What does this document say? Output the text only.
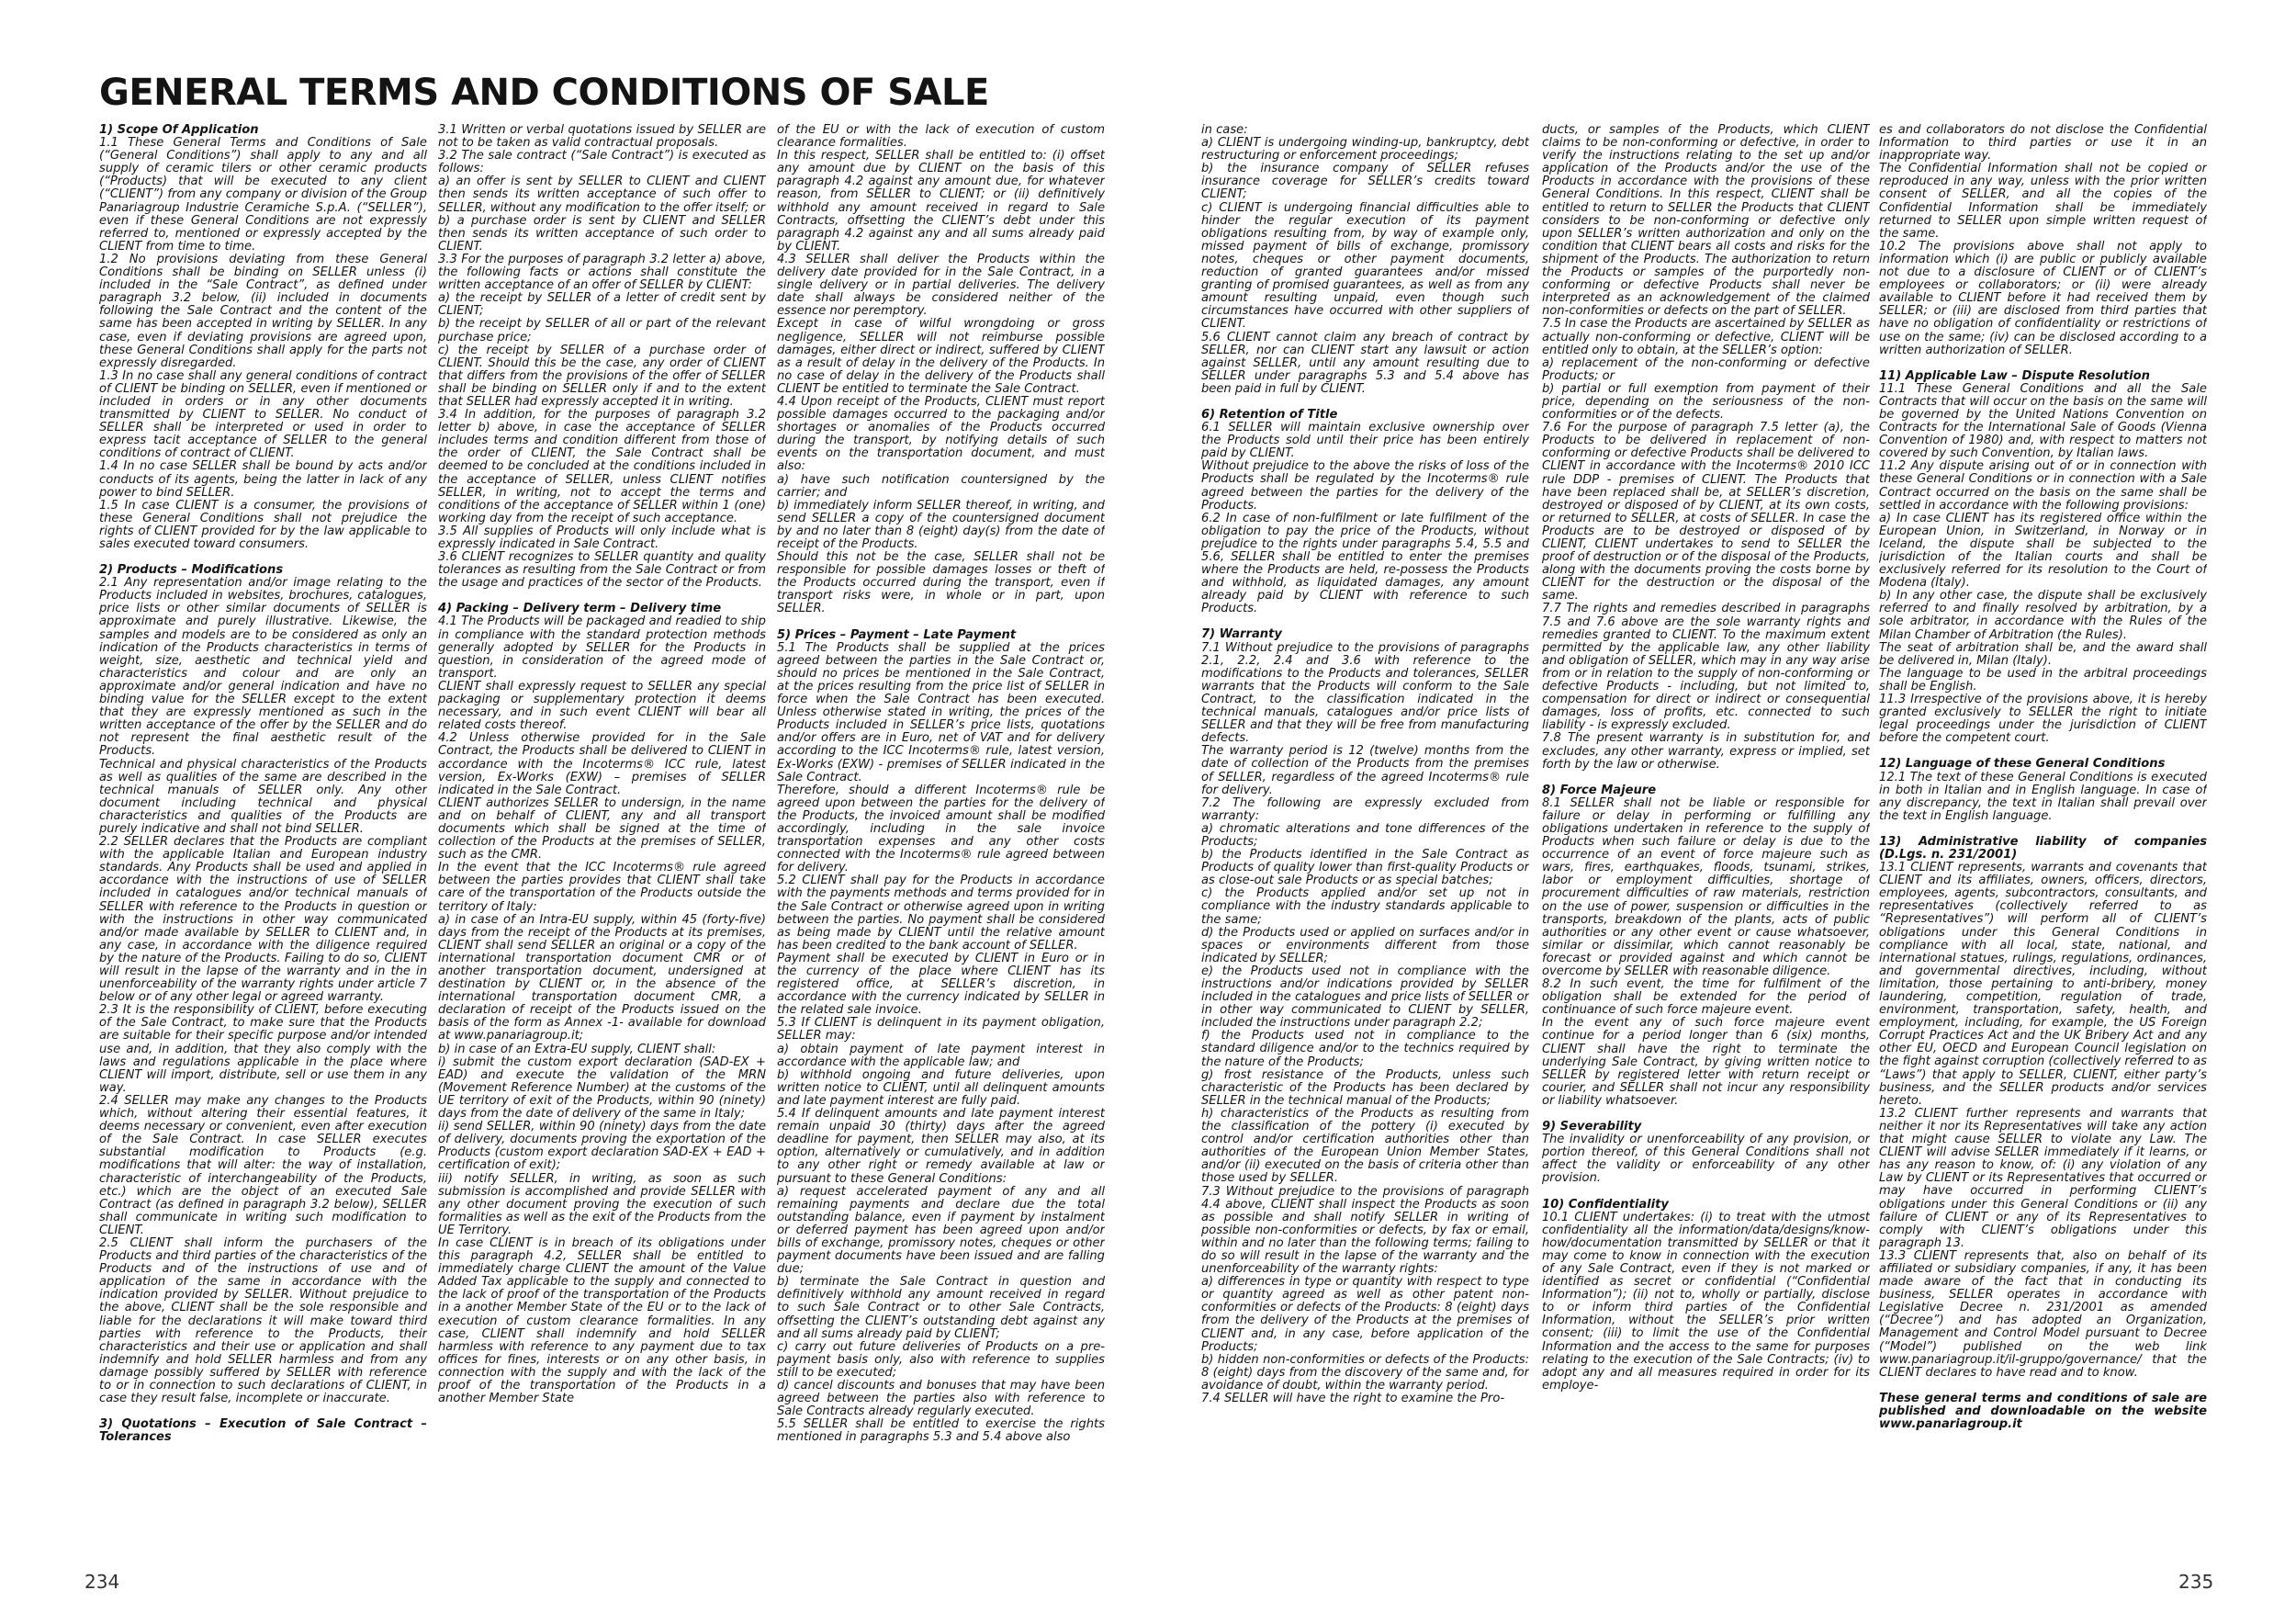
GENERAL TERMS AND CONDITIONS OF SALE
1) Scope Of Application

1.1 These General Terms and Conditions of Sale (“General Conditions”) shall apply to any and all supply of ceramic tilers or other ceramic products (“Products) that will be executed to any client (“CLIENT”) from any company or division of the Group Panariagroup Industrie Ceramiche S.p.A. (“SELLER”), even if these General Conditions are not expressly referred to, mentioned or expressly accepted by the CLIENT from time to time.

1.2 No provisions deviating from these General Conditions shall be binding on SELLER unless (i) included in the “Sale Contract”, as defined under paragraph 3.2 below, (ii) included in documents following the Sale Contract and the content of the same has been accepted in writing by SELLER. In any case, even if deviating provisions are agreed upon, these General Conditions shall apply for the parts not expressly disregarded.

1.3 In no case shall any general conditions of contract of CLIENT be binding on SELLER, even if mentioned or included in orders or in any other documents transmitted by CLIENT to SELLER. No conduct of SELLER shall be interpreted or used in order to express tacit acceptance of SELLER to the general conditions of contract of CLIENT.

1.4 In no case SELLER shall be bound by acts and/or conducts of its agents, being the latter in lack of any power to bind SELLER.

1.5 In case CLIENT is a consumer, the provisions of these General Conditions shall not prejudice the rights of CLIENT provided for by the law applicable to sales executed toward consumers.

2) Products – Modifications

2.1 Any representation and/or image relating to the Products included in websites, brochures, catalogues, price lists or other similar documents of SELLER is approximate and purely illustrative. Likewise, the samples and models are to be considered as only an indication of the Products characteristics in terms of weight, size, aesthetic and technical yield and characteristics and colour and are only an approximate and/or general indication and have no binding value for the SELLER except to the extent that they are expressly mentioned as such in the written acceptance of the offer by the SELLER and do not represent the final aesthetic result of the Products.

Technical and physical characteristics of the Products as well as qualities of the same are described in the technical manuals of SELLER only. Any other document including technical and physical characteristics and qualities of the Products are purely indicative and shall not bind SELLER.

2.2 SELLER declares that the Products are compliant with the applicable Italian and European industry standards. Any Products shall be used and applied in accordance with the instructions of use of SELLER included in catalogues and/or technical manuals of SELLER with reference to the Products in question or with the instructions in other way communicated and/or made available by SELLER to CLIENT and, in any case, in accordance with the diligence required by the nature of the Products. Failing to do so, CLIENT will result in the lapse of the warranty and in the in unenforceability of the warranty rights under article 7 below or of any other legal or agreed warranty.

2.3 It is the responsibility of CLIENT, before executing of the Sale Contract, to make sure that the Products are suitable for their specific purpose and/or intended use and, in addition, that they also comply with the laws and regulations applicable in the place where CLIENT will import, distribute, sell or use them in any way.

2.4 SELLER may make any changes to the Products which, without altering their essential features, it deems necessary or convenient, even after execution of the Sale Contract. In case SELLER executes substantial modification to Products (e.g. modifications that will alter: the way of installation, characteristic of interchangeability of the Products, etc.) which are the object of an executed Sale Contract (as defined in paragraph 3.2 below), SELLER shall communicate in writing such modification to CLIENT.

2.5 CLIENT shall inform the purchasers of the Products and third parties of the characteristics of the Products and of the instructions of use and of application of the same in accordance with the indication provided by SELLER. Without prejudice to the above, CLIENT shall be the sole responsible and liable for the declarations it will make toward third parties with reference to the Products, their characteristics and their use or application and shall indemnify and hold SELLER harmless and from any damage possibly suffered by SELLER with reference to or in connection to such declarations of CLIENT, in case they result false, incomplete or inaccurate.

3) Quotations – Execution of Sale Contract – Tolerances

3.1 Written or verbal quotations issued by SELLER are not to be taken as valid contractual proposals.

3.2 The sale contract (“Sale Contract”) is executed as follows:

a) an offer is sent by SELLER to CLIENT and CLIENT then sends its written acceptance of such offer to SELLER, without any modification to the offer itself; or

b) a purchase order is sent by CLIENT and SELLER then sends its written acceptance of such order to CLIENT.

3.3 For the purposes of paragraph 3.2 letter a) above, the following facts or actions shall constitute the written acceptance of an offer of SELLER by CLIENT:

a) the receipt by SELLER of a letter of credit sent by CLIENT;

b) the receipt by SELLER of all or part of the relevant purchase price;

c) the receipt by SELLER of a purchase order of CLIENT. Should this be the case, any order of CLIENT that differs from the provisions of the offer of SELLER shall be binding on SELLER only if and to the extent that SELLER had expressly accepted it in writing.

3.4 In addition, for the purposes of paragraph 3.2 letter b) above, in case the acceptance of SELLER includes terms and condition different from those of the order of CLIENT, the Sale Contract shall be deemed to be concluded at the conditions included in the acceptance of SELLER, unless CLIENT notifies SELLER, in writing, not to accept the terms and conditions of the acceptance of SELLER within 1 (one) working day from the receipt of such acceptance.

3.5 All supplies of Products will only include what is expressly indicated in Sale Contract.

3.6 CLIENT recognizes to SELLER quantity and quality tolerances as resulting from the Sale Contract or from the usage and practices of the sector of the Products.

4) Packing – Delivery term – Delivery time

4.1 The Products will be packaged and readied to ship in compliance with the standard protection methods generally adopted by SELLER for the Products in question, in consideration of the agreed mode of transport.

CLIENT shall expressly request to SELLER any special packaging or supplementary protection it deems necessary, and in such event CLIENT will bear all related costs thereof.

4.2 Unless otherwise provided for in the Sale Contract, the Products shall be delivered to CLIENT in accordance with the Incoterms® ICC rule, latest version, Ex-Works (EXW) – premises of SELLER indicated in the Sale Contract.

CLIENT authorizes SELLER to undersign, in the name and on behalf of CLIENT, any and all transport documents which shall be signed at the time of collection of the Products at the premises of SELLER, such as the CMR.

In the event that the ICC Incoterms® rule agreed between the parties provides that CLIENT shall take care of the transportation of the Products outside the territory of Italy:

a) in case of an Intra-EU supply, within 45 (forty-five) days from the receipt of the Products at its premises, CLIENT shall send SELLER an original or a copy of the international transportation document CMR or of another transportation document, undersigned at destination by CLIENT or, in the absence of the international transportation document CMR, a declaration of receipt of the Products issued on the basis of the form as Annex -1- available for download at www.panariagroup.it;

b) in case of an Extra-EU supply, CLIENT shall:

i) submit the custom export declaration (SAD-EX + EAD) and execute the validation of the MRN (Movement Reference Number) at the customs of the UE territory of exit of the Products, within 90 (ninety) days from the date of delivery of the same in Italy;

ii) send SELLER, within 90 (ninety) days from the date of delivery, documents proving the exportation of the Products (custom export declaration SAD-EX + EAD + certification of exit);

iii) notify SELLER, in writing, as soon as such submission is accomplished and provide SELLER with any other document proving the execution of such formalities as well as the exit of the Products from the UE Territory.

In case CLIENT is in breach of its obligations under this paragraph 4.2, SELLER shall be entitled to immediately charge CLIENT the amount of the Value Added Tax applicable to the supply and connected to the lack of proof of the transportation of the Products in a another Member State of the EU or to the lack of execution of custom clearance formalities. In any case, CLIENT shall indemnify and hold SELLER harmless with reference to any payment due to tax offices for fines, interests or on any other basis, in connection with the supply and with the lack of the proof of the transportation of the Products in a another Member State

of the EU or with the lack of execution of custom clearance formalities.

In this respect, SELLER shall be entitled to: (i) offset any amount due by CLIENT on the basis of this paragraph 4.2 against any amount due, for whatever reason, from SELLER to CLIENT; or (ii) definitively withhold any amount received in regard to Sale Contracts, offsetting the CLIENT’s debt under this paragraph 4.2 against any and all sums already paid by CLIENT.

4.3 SELLER shall deliver the Products within the delivery date provided for in the Sale Contract, in a single delivery or in partial deliveries. The delivery date shall always be considered neither of the essence nor peremptory.

Except in case of wilful wrongdoing or gross negligence, SELLER will not reimburse possible damages, either direct or indirect, suffered by CLIENT as a result of delay in the delivery of the Products. In no case of delay in the delivery of the Products shall CLIENT be entitled to terminate the Sale Contract.

4.4 Upon receipt of the Products, CLIENT must report possible damages occurred to the packaging and/or shortages or anomalies of the Products occurred during the transport, by notifying details of such events on the transportation document, and must also:

a) have such notification countersigned by the carrier; and

b) immediately inform SELLER thereof, in writing, and send SELLER a copy of the countersigned document by and no later than 8 (eight) day(s) from the date of receipt of the Products.

Should this not be the case, SELLER shall not be responsible for possible damages losses or theft of the Products occurred during the transport, even if transport risks were, in whole or in part, upon SELLER.

5) Prices – Payment – Late Payment

5.1 The Products shall be supplied at the prices agreed between the parties in the Sale Contract or, should no prices be mentioned in the Sale Contract, at the prices resulting from the price list of SELLER in force when the Sale Contract has been executed. Unless otherwise stated in writing, the prices of the Products included in SELLER’s price lists, quotations and/or offers are in Euro, net of VAT and for delivery according to the ICC Incoterms® rule, latest version, Ex-Works (EXW) - premises of SELLER indicated in the Sale Contract.

Therefore, should a different Incoterms® rule be agreed upon between the parties for the delivery of the Products, the invoiced amount shall be modified accordingly, including in the sale invoice transportation expenses and any other costs connected with the Incoterms® rule agreed between for delivery.

5.2 CLIENT shall pay for the Products in accordance with the payments methods and terms provided for in the Sale Contract or otherwise agreed upon in writing between the parties. No payment shall be considered as being made by CLIENT until the relative amount has been credited to the bank account of SELLER.

Payment shall be executed by CLIENT in Euro or in the currency of the place where CLIENT has its registered office, at SELLER’s discretion, in accordance with the currency indicated by SELLER in the related sale invoice.

5.3 If CLIENT is delinquent in its payment obligation, SELLER may:

a) obtain payment of late payment interest in accordance with the applicable law; and

b) withhold ongoing and future deliveries, upon written notice to CLIENT, until all delinquent amounts and late payment interest are fully paid.

5.4 If delinquent amounts and late payment interest remain unpaid 30 (thirty) days after the agreed deadline for payment, then SELLER may also, at its option, alternatively or cumulatively, and in addition to any other right or remedy available at law or pursuant to these General Conditions:

a) request accelerated payment of any and all remaining payments and declare due the total outstanding balance, even if payment by instalment or deferred payment has been agreed upon and/or bills of exchange, promissory notes, cheques or other payment documents have been issued and are falling due;

b) terminate the Sale Contract in question and definitively withhold any amount received in regard to such Sale Contract or to other Sale Contracts, offsetting the CLIENT’s outstanding debt against any and all sums already paid by CLIENT;

c) carry out future deliveries of Products on a pre-payment basis only, also with reference to supplies still to be executed;

d) cancel discounts and bonuses that may have been agreed between the parties also with reference to Sale Contracts already regularly executed.

5.5 SELLER shall be entitled to exercise the rights mentioned in paragraphs 5.3 and 5.4 above also

in case:

a) CLIENT is undergoing winding-up, bankruptcy, debt restructuring or enforcement proceedings;

b) the insurance company of SELLER refuses insurance coverage for SELLER’s credits toward CLIENT;

c) CLIENT is undergoing financial difficulties able to hinder the regular execution of its payment obligations resulting from, by way of example only, missed payment of bills of exchange, promissory notes, cheques or other payment documents, reduction of granted guarantees and/or missed granting of promised guarantees, as well as from any amount resulting unpaid, even though such circumstances have occurred with other suppliers of CLIENT.

5.6 CLIENT cannot claim any breach of contract by SELLER, nor can CLIENT start any lawsuit or action against SELLER, until any amount resulting due to SELLER under paragraphs 5.3 and 5.4 above has been paid in full by CLIENT.

6) Retention of Title

6.1 SELLER will maintain exclusive ownership over the Products sold until their price has been entirely paid by CLIENT.

Without prejudice to the above the risks of loss of the Products shall be regulated by the Incoterms® rule agreed between the parties for the delivery of the Products.

6.2 In case of non-fulfilment or late fulfilment of the obligation to pay the price of the Products, without prejudice to the rights under paragraphs 5.4, 5.5 and 5.6, SELLER shall be entitled to enter the premises where the Products are held, re-possess the Products and withhold, as liquidated damages, any amount already paid by CLIENT with reference to such Products.

7) Warranty

7.1 Without prejudice to the provisions of paragraphs 2.1, 2.2, 2.4 and 3.6 with reference to the modifications to the Products and tolerances, SELLER warrants that the Products will conform to the Sale Contract, to the classification indicated in the technical manuals, catalogues and/or price lists of SELLER and that they will be free from manufacturing defects.

The warranty period is 12 (twelve) months from the date of collection of the Products from the premises of SELLER, regardless of the agreed Incoterms® rule for delivery.

7.2 The following are expressly excluded from warranty:

a) chromatic alterations and tone differences of the Products;

b) the Products identified in the Sale Contract as Products of quality lower than first-quality Products or as close-out sale Products or as special batches;

c) the Products applied and/or set up not in compliance with the industry standards applicable to the same;

d) the Products used or applied on surfaces and/or in spaces or environments different from those indicated by SELLER;

e) the Products used not in compliance with the instructions and/or indications provided by SELLER included in the catalogues and price lists of SELLER or in other way communicated to CLIENT by SELLER, included the instructions under paragraph 2.2;

f) the Products used not in compliance to the standard diligence and/or to the technics required by the nature of the Products;

g) frost resistance of the Products, unless such characteristic of the Products has been declared by SELLER in the technical manual of the Products;

h) characteristics of the Products as resulting from the classification of the pottery (i) executed by control and/or certification authorities other than authorities of the European Union Member States, and/or (ii) executed on the basis of criteria other than those used by SELLER.

7.3 Without prejudice to the provisions of paragraph 4.4 above, CLIENT shall inspect the Products as soon as possible and shall notify SELLER in writing of possible non-conformities or defects, by fax or email, within and no later than the following terms; failing to do so will result in the lapse of the warranty and the unenforceability of the warranty rights:

a) differences in type or quantity with respect to type or quantity agreed as well as other patent non-conformities or defects of the Products: 8 (eight) days from the delivery of the Products at the premises of CLIENT and, in any case, before application of the Products;

b) hidden non-conformities or defects of the Products: 8 (eight) days from the discovery of the same and, for avoidance of doubt, within the warranty period.

7.4 SELLER will have the right to examine the Pro-

ducts, or samples of the Products, which CLIENT claims to be non-conforming or defective, in order to verify the instructions relating to the set up and/or application of the Products and/or the use of the Products in accordance with the provisions of these General Conditions. In this respect, CLIENT shall be entitled to return to SELLER the Products that CLIENT considers to be non-conforming or defective only upon SELLER’s written authorization and only on the condition that CLIENT bears all costs and risks for the shipment of the Products. The authorization to return the Products or samples of the purportedly non-conforming or defective Products shall never be interpreted as an acknowledgement of the claimed non-conformities or defects on the part of SELLER.

7.5 In case the Products are ascertained by SELLER as actually non-conforming or defective, CLIENT will be entitled only to obtain, at the SELLER’s option:

a) replacement of the non-conforming or defective Products; or

b) partial or full exemption from payment of their price, depending on the seriousness of the non-conformities or of the defects.

7.6 For the purpose of paragraph 7.5 letter (a), the Products to be delivered in replacement of non-conforming or defective Products shall be delivered to CLIENT in accordance with the Incoterms® 2010 ICC rule DDP - premises of CLIENT. The Products that have been replaced shall be, at SELLER’s discretion, destroyed or disposed of by CLIENT, at its own costs, or returned to SELLER, at costs of SELLER. In case the Products are to be destroyed or disposed of by CLIENT, CLIENT undertakes to send to SELLER the proof of destruction or of the disposal of the Products, along with the documents proving the costs borne by CLIENT for the destruction or the disposal of the same.

7.7 The rights and remedies described in paragraphs 7.5 and 7.6 above are the sole warranty rights and remedies granted to CLIENT. To the maximum extent permitted by the applicable law, any other liability and obligation of SELLER, which may in any way arise from or in relation to the supply of non-conforming or defective Products - including, but not limited to, compensation for direct or indirect or consequential damages, loss of profits, etc. connected to such liability - is expressly excluded.

7.8 The present warranty is in substitution for, and excludes, any other warranty, express or implied, set forth by the law or otherwise.

8) Force Majeure

8.1 SELLER shall not be liable or responsible for failure or delay in performing or fulfilling any obligations undertaken in reference to the supply of Products when such failure or delay is due to the occurrence of an event of force majeure such as wars, fires, earthquakes, floods, tsunami, strikes, labor or employment difficulties, shortage of procurement difficulties of raw materials, restriction on the use of power, suspension or difficulties in the transports, breakdown of the plants, acts of public authorities or any other event or cause whatsoever, similar or dissimilar, which cannot reasonably be forecast or provided against and which cannot be overcome by SELLER with reasonable diligence.

8.2 In such event, the time for fulfilment of the obligation shall be extended for the period of continuance of such force majeure event.

In the event any of such force majeure event continue for a period longer than 6 (six) months, CLIENT shall have the right to terminate the underlying Sale Contract, by giving written notice to SELLER by registered letter with return receipt or courier, and SELLER shall not incur any responsibility or liability whatsoever.

9) Severability

The invalidity or unenforceability of any provision, or portion thereof, of this General Conditions shall not affect the validity or enforceability of any other provision.

10) Confidentiality

10.1 CLIENT undertakes: (i) to treat with the utmost confidentiality all the information/data/designs/know-how/documentation transmitted by SELLER or that it may come to know in connection with the execution of any Sale Contract, even if they is not marked or identified as secret or confidential (“Confidential Information”); (ii) not to, wholly or partially, disclose to or inform third parties of the Confidential Information, without the SELLER’s prior written consent; (iii) to limit the use of the Confidential Information and the access to the same for purposes relating to the execution of the Sale Contracts; (iv) to adopt any and all measures required in order for its employe-

es and collaborators do not disclose the Confidential Information to third parties or use it in an inappropriate way.

The Confidential Information shall not be copied or reproduced in any way, unless with the prior written consent of SELLER, and all the copies of the Confidential Information shall be immediately returned to SELLER upon simple written request of the same.

10.2 The provisions above shall not apply to information which (i) are public or publicly available not due to a disclosure of CLIENT or of CLIENT’s employees or collaborators; or (ii) were already available to CLIENT before it had received them by SELLER; or (iii) are disclosed from third parties that have no obligation of confidentiality or restrictions of use on the same; (iv) can be disclosed according to a written authorization of SELLER.

11) Applicable Law – Dispute Resolution

11.1 These General Conditions and all the Sale Contracts that will occur on the basis on the same will be governed by the United Nations Convention on Contracts for the International Sale of Goods (Vienna Convention of 1980) and, with respect to matters not covered by such Convention, by Italian laws.

11.2 Any dispute arising out of or in connection with these General Conditions or in connection with a Sale Contract occurred on the basis on the same shall be settled in accordance with the following provisions:

a) In case CLIENT has its registered office within the European Union, in Switzerland, in Norway or in Iceland, the dispute shall be subjected to the jurisdiction of the Italian courts and shall be exclusively referred for its resolution to the Court of Modena (Italy).

b) In any other case, the dispute shall be exclusively referred to and finally resolved by arbitration, by a sole arbitrator, in accordance with the Rules of the Milan Chamber of Arbitration (the Rules).

The seat of arbitration shall be, and the award shall be delivered in, Milan (Italy).

The language to be used in the arbitral proceedings shall be English.

11.3 Irrespective of the provisions above, it is hereby granted exclusively to SELLER the right to initiate legal proceedings under the jurisdiction of CLIENT before the competent court.

12) Language of these General Conditions

12.1 The text of these General Conditions is executed in both in Italian and in English language. In case of any discrepancy, the text in Italian shall prevail over the text in English language.

13) Administrative liability of companies (D.Lgs. n. 231/2001)

13.1 CLIENT represents, warrants and covenants that CLIENT and its affiliates, owners, officers, directors, employees, agents, subcontractors, consultants, and representatives (collectively referred to as “Representatives”) will perform all of CLIENT’s obligations under this General Conditions in compliance with all local, state, national, and international statues, rulings, regulations, ordinances, and governmental directives, including, without limitation, those pertaining to anti-bribery, money laundering, competition, regulation of trade, environment, transportation, safety, health, and employment, including, for example, the US Foreign Corrupt Practices Act and the UK Bribery Act and any other EU, OECD and European Council legislation on the fight against corruption (collectively referred to as “Laws”) that apply to SELLER, CLIENT, either party’s business, and the SELLER products and/or services hereto.

13.2 CLIENT further represents and warrants that neither it nor its Representatives will take any action that might cause SELLER to violate any Law. The CLIENT will advise SELLER immediately if it learns, or has any reason to know, of: (i) any violation of any Law by CLIENT or its Representatives that occurred or may have occurred in performing CLIENT’s obligations under this General Conditions or (ii) any failure of CLIENT or any of its Representatives to comply with CLIENT’s obligations under this paragraph 13.

13.3 CLIENT represents that, also on behalf of its affiliated or subsidiary companies, if any, it has been made aware of the fact that in conducting its business, SELLER operates in accordance with Legislative Decree n. 231/2001 as amended (“Decree”) and has adopted an Organization, Management and Control Model pursuant to Decree (“Model”) published on the web link www.panariagroup.it/il-gruppo/governance/ that the CLIENT declares to have read and to know.

These general terms and conditions of sale are published and downloadable on the website www.panariagroup.it

234	235
